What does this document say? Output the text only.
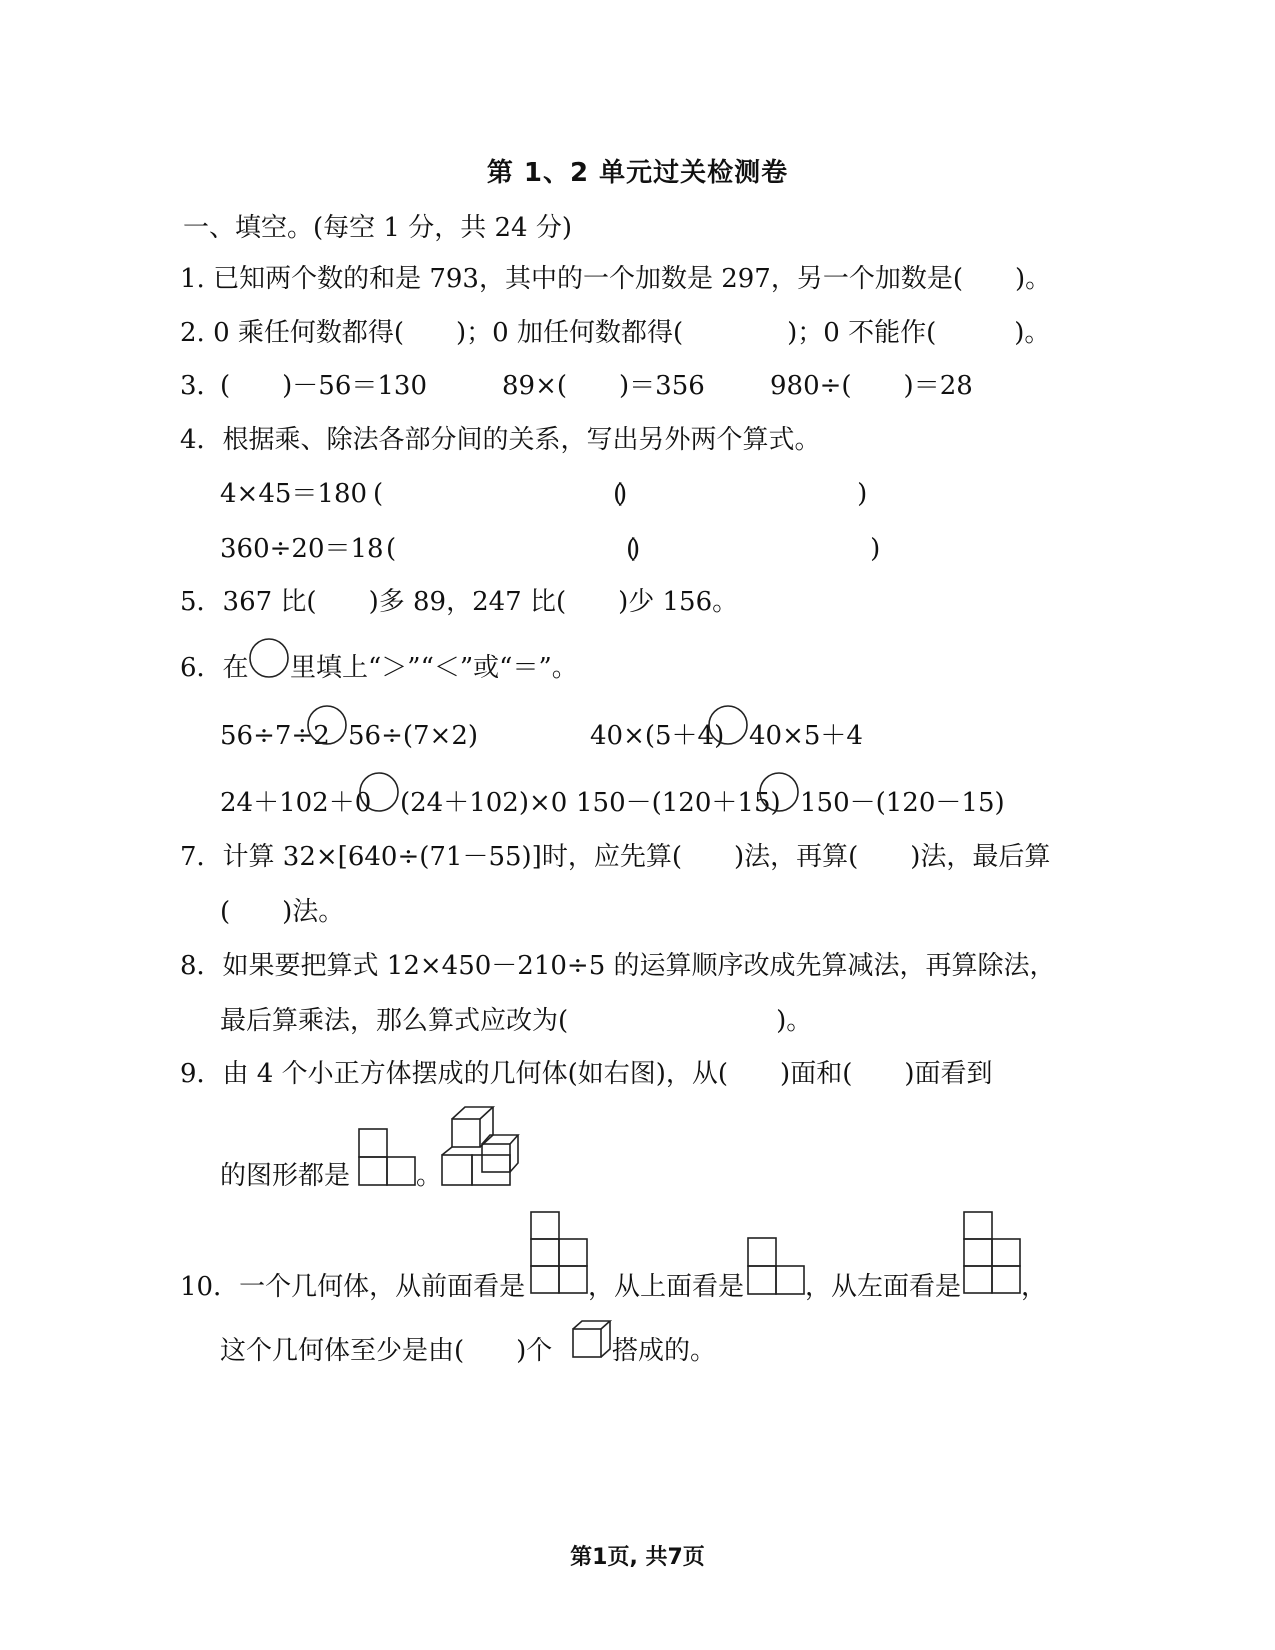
第 1、2 单元过关检测卷
一、填空。(每空 1 分，共 24 分)
1. 已知两个数的和是 793，其中的一个加数是 297，另一个加数是(　　)。
2. 0 乘任何数都得(　　)；0 加任何数都得(　　　　)；0 不能作(　　　)。
3．
(　　)－56＝130	89×(　　)＝356	980÷(　　)＝28
4．根据乘、除法各部分间的关系，写出另外两个算式。
4×45＝180 (　　　　　　　　　)
(　　　　　　　　　)
360÷20＝18 (　　　　　　　　　)
(　　　　　　　　　)
5．367 比(　　)多 89，247 比(　　)少 156。
6．在 里填上“＞”“＜”或“＝”。
56÷7÷2 56÷(7×2)	40×(5＋4) 40×5＋4
24＋102＋0 (24＋102)×0 150－(120＋15) 150－(120－15)
7．计算 32×[640÷(71－55)]时，应先算(　　)法，再算(　　)法，最后算
(　　)法。
8．如果要把算式 12×450－210÷5 的运算顺序改成先算减法，再算除法，
最后算乘法，那么算式应改为(　　　　　　　　)。
9．由 4 个小正方体摆成的几何体(如右图)，从(　　)面和(　　)面看到
的图形都是	。
10．一个几何体，从前面看是 ，从上面看是 ，从左面看是 ，
这个几何体至少是由(　　)个 搭成的。
第1页, 共7页
